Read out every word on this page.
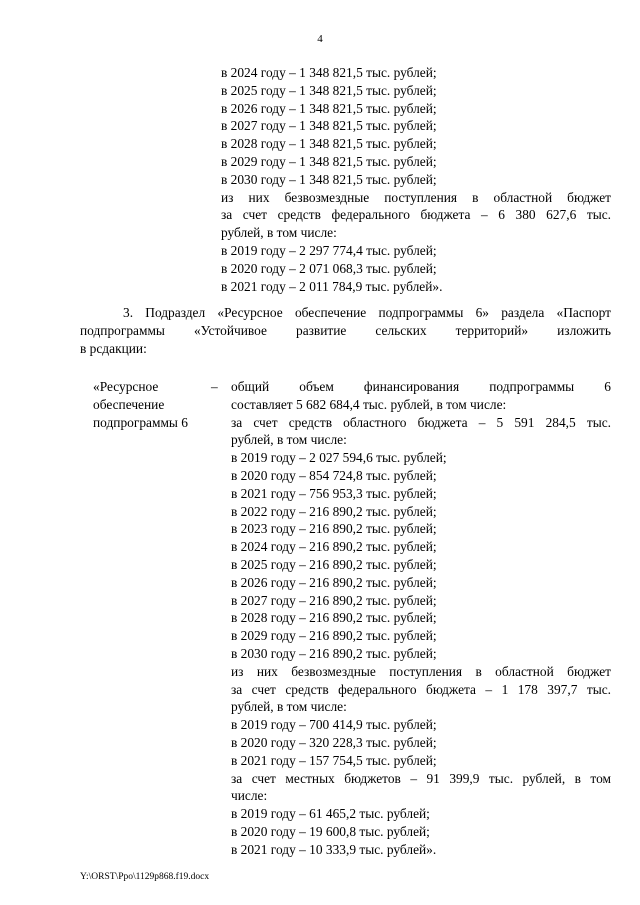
4
в 2024 году – 1 348 821,5 тыс. рублей;
в 2025 году – 1 348 821,5 тыс. рублей;
в 2026 году – 1 348 821,5 тыс. рублей;
в 2027 году – 1 348 821,5 тыс. рублей;
в 2028 году – 1 348 821,5 тыс. рублей;
в 2029 году – 1 348 821,5 тыс. рублей;
в 2030 году – 1 348 821,5 тыс. рублей;
из них безвозмездные поступления в областной бюджет
за счет средств федерального бюджета – 6 380 627,6 тыс.
рублей, в том числе:
в 2019 году – 2 297 774,4 тыс. рублей;
в 2020 году – 2 071 068,3 тыс. рублей;
в 2021 году – 2 011 784,9 тыс. рублей».
3. Подраздел «Ресурсное обеспечение подпрограммы 6» раздела «Паспорт
подпрограммы «Устойчивое развитие сельских территорий» изложить
в рсдакции:
«Ресурсное
обеспечение
подпрограммы 6
– общий объем финансирования подпрограммы 6
составляет 5 682 684,4 тыс. рублей, в том числе:
за счет средств областного бюджета – 5 591 284,5 тыс.
рублей, в том числе:
в 2019 году – 2 027 594,6 тыс. рублей;
в 2020 году – 854 724,8 тыс. рублей;
в 2021 году – 756 953,3 тыс. рублей;
в 2022 году – 216 890,2 тыс. рублей;
в 2023 году – 216 890,2 тыс. рублей;
в 2024 году – 216 890,2 тыс. рублей;
в 2025 году – 216 890,2 тыс. рублей;
в 2026 году – 216 890,2 тыс. рублей;
в 2027 году – 216 890,2 тыс. рублей;
в 2028 году – 216 890,2 тыс. рублей;
в 2029 году – 216 890,2 тыс. рублей;
в 2030 году – 216 890,2 тыс. рублей;
из них безвозмездные поступления в областной бюджет
за счет средств федерального бюджета – 1 178 397,7 тыс.
рублей, в том числе:
в 2019 году – 700 414,9 тыс. рублей;
в 2020 году – 320 228,3 тыс. рублей;
в 2021 году – 157 754,5 тыс. рублей;
за счет местных бюджетов – 91 399,9 тыс. рублей, в том
числе:
в 2019 году – 61 465,2 тыс. рублей;
в 2020 году – 19 600,8 тыс. рублей;
в 2021 году – 10 333,9 тыс. рублей».
Y:\ORST\Ppo\1129p868.f19.docx
